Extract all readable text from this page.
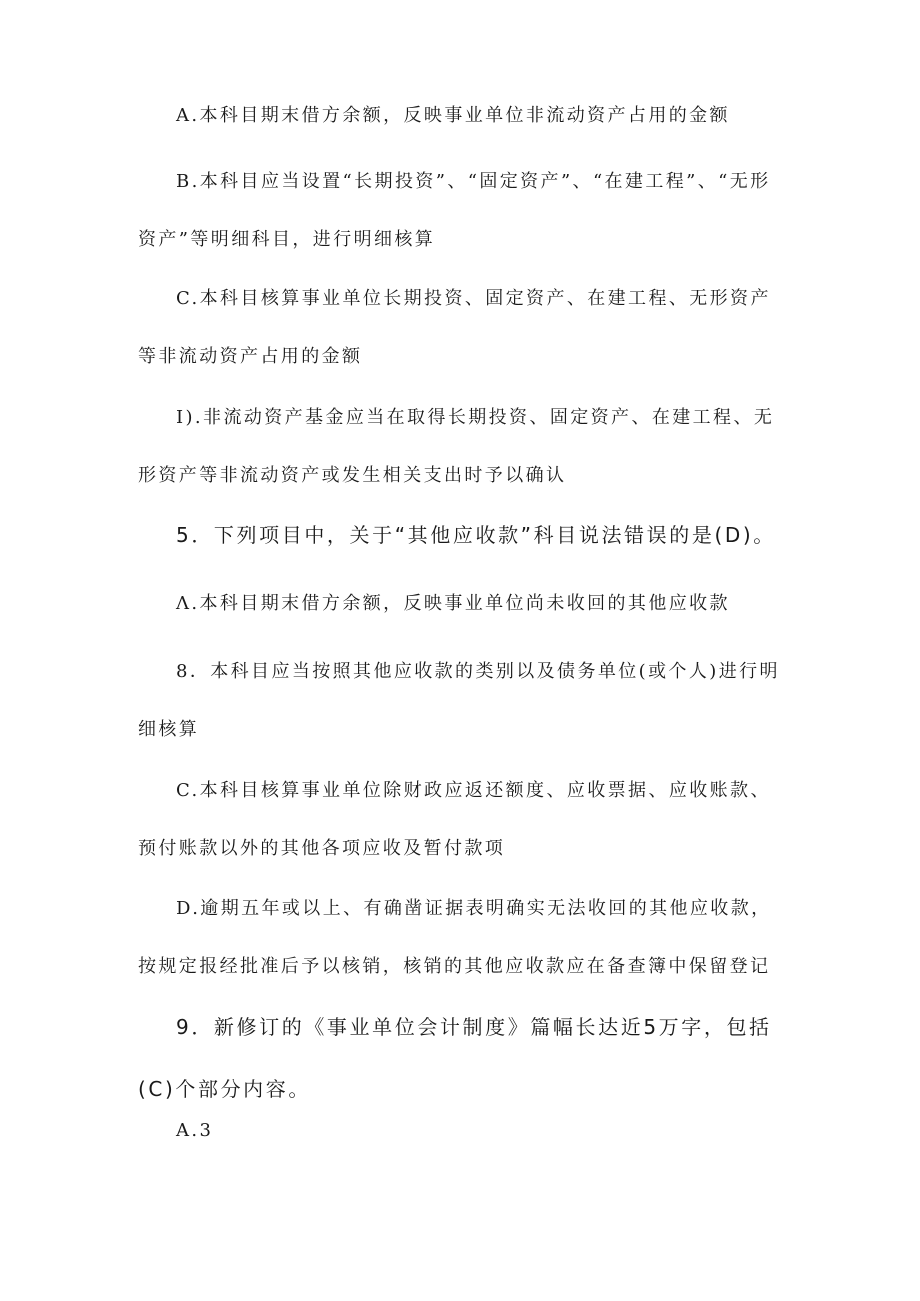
A.本科目期末借方余额，反映事业单位非流动资产占用的金额

B.本科目应当设置“长期投资”、“固定资产”、“在建工程”、“无形资产”等明细科目，进行明细核算

C.本科目核算事业单位长期投资、固定资产、在建工程、无形资产等非流动资产占用的金额

I).非流动资产基金应当在取得长期投资、固定资产、在建工程、无形资产等非流动资产或发生相关支出时予以确认

5．下列项目中，关于“其他应收款”科目说法错误的是(D)。

Λ.本科目期末借方余额，反映事业单位尚未收回的其他应收款

8．本科目应当按照其他应收款的类别以及债务单位(或个人)进行明细核算

C.本科目核算事业单位除财政应返还额度、应收票据、应收账款、预付账款以外的其他各项应收及暂付款项

D.逾期五年或以上、有确凿证据表明确实无法收回的其他应收款，按规定报经批准后予以核销，核销的其他应收款应在备查簿中保留登记

9．新修订的《事业单位会计制度》篇幅长达近5万字，包括(C)个部分内容。

A.3
